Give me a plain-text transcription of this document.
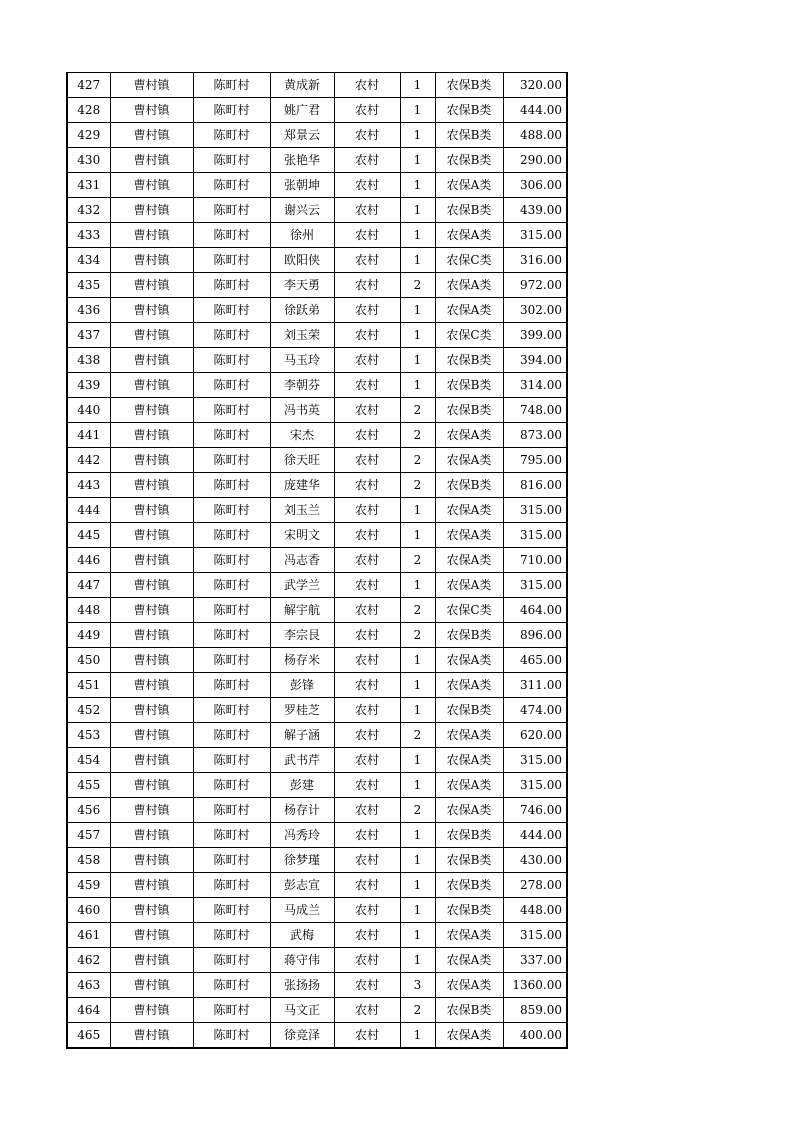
427	曹村镇	陈町村	黄成新	农村	1	农保B类	320.00
428	曹村镇	陈町村	姚广君	农村	1	农保B类	444.00
429	曹村镇	陈町村	郑景云	农村	1	农保B类	488.00
430	曹村镇	陈町村	张艳华	农村	1	农保B类	290.00
431	曹村镇	陈町村	张朝坤	农村	1	农保A类	306.00
432	曹村镇	陈町村	谢兴云	农村	1	农保B类	439.00
433	曹村镇	陈町村	徐州	农村	1	农保A类	315.00
434	曹村镇	陈町村	欧阳侠	农村	1	农保C类	316.00
435	曹村镇	陈町村	李天勇	农村	2	农保A类	972.00
436	曹村镇	陈町村	徐跃弟	农村	1	农保A类	302.00
437	曹村镇	陈町村	刘玉荣	农村	1	农保C类	399.00
438	曹村镇	陈町村	马玉玲	农村	1	农保B类	394.00
439	曹村镇	陈町村	李朝芬	农村	1	农保B类	314.00
440	曹村镇	陈町村	冯书英	农村	2	农保B类	748.00
441	曹村镇	陈町村	宋杰	农村	2	农保A类	873.00
442	曹村镇	陈町村	徐天旺	农村	2	农保A类	795.00
443	曹村镇	陈町村	庞建华	农村	2	农保B类	816.00
444	曹村镇	陈町村	刘玉兰	农村	1	农保A类	315.00
445	曹村镇	陈町村	宋明文	农村	1	农保A类	315.00
446	曹村镇	陈町村	冯志香	农村	2	农保A类	710.00
447	曹村镇	陈町村	武学兰	农村	1	农保A类	315.00
448	曹村镇	陈町村	解宇航	农村	2	农保C类	464.00
449	曹村镇	陈町村	李宗艮	农村	2	农保B类	896.00
450	曹村镇	陈町村	杨存米	农村	1	农保A类	465.00
451	曹村镇	陈町村	彭锋	农村	1	农保A类	311.00
452	曹村镇	陈町村	罗桂芝	农村	1	农保B类	474.00
453	曹村镇	陈町村	解子涵	农村	2	农保A类	620.00
454	曹村镇	陈町村	武书芹	农村	1	农保A类	315.00
455	曹村镇	陈町村	彭建	农村	1	农保A类	315.00
456	曹村镇	陈町村	杨存计	农村	2	农保A类	746.00
457	曹村镇	陈町村	冯秀玲	农村	1	农保B类	444.00
458	曹村镇	陈町村	徐梦瑾	农村	1	农保B类	430.00
459	曹村镇	陈町村	彭志宣	农村	1	农保B类	278.00
460	曹村镇	陈町村	马成兰	农村	1	农保B类	448.00
461	曹村镇	陈町村	武梅	农村	1	农保A类	315.00
462	曹村镇	陈町村	蒋守伟	农村	1	农保A类	337.00
463	曹村镇	陈町村	张扬扬	农村	3	农保A类	1360.00
464	曹村镇	陈町村	马文正	农村	2	农保B类	859.00
465	曹村镇	陈町村	徐竞泽	农村	1	农保A类	400.00
